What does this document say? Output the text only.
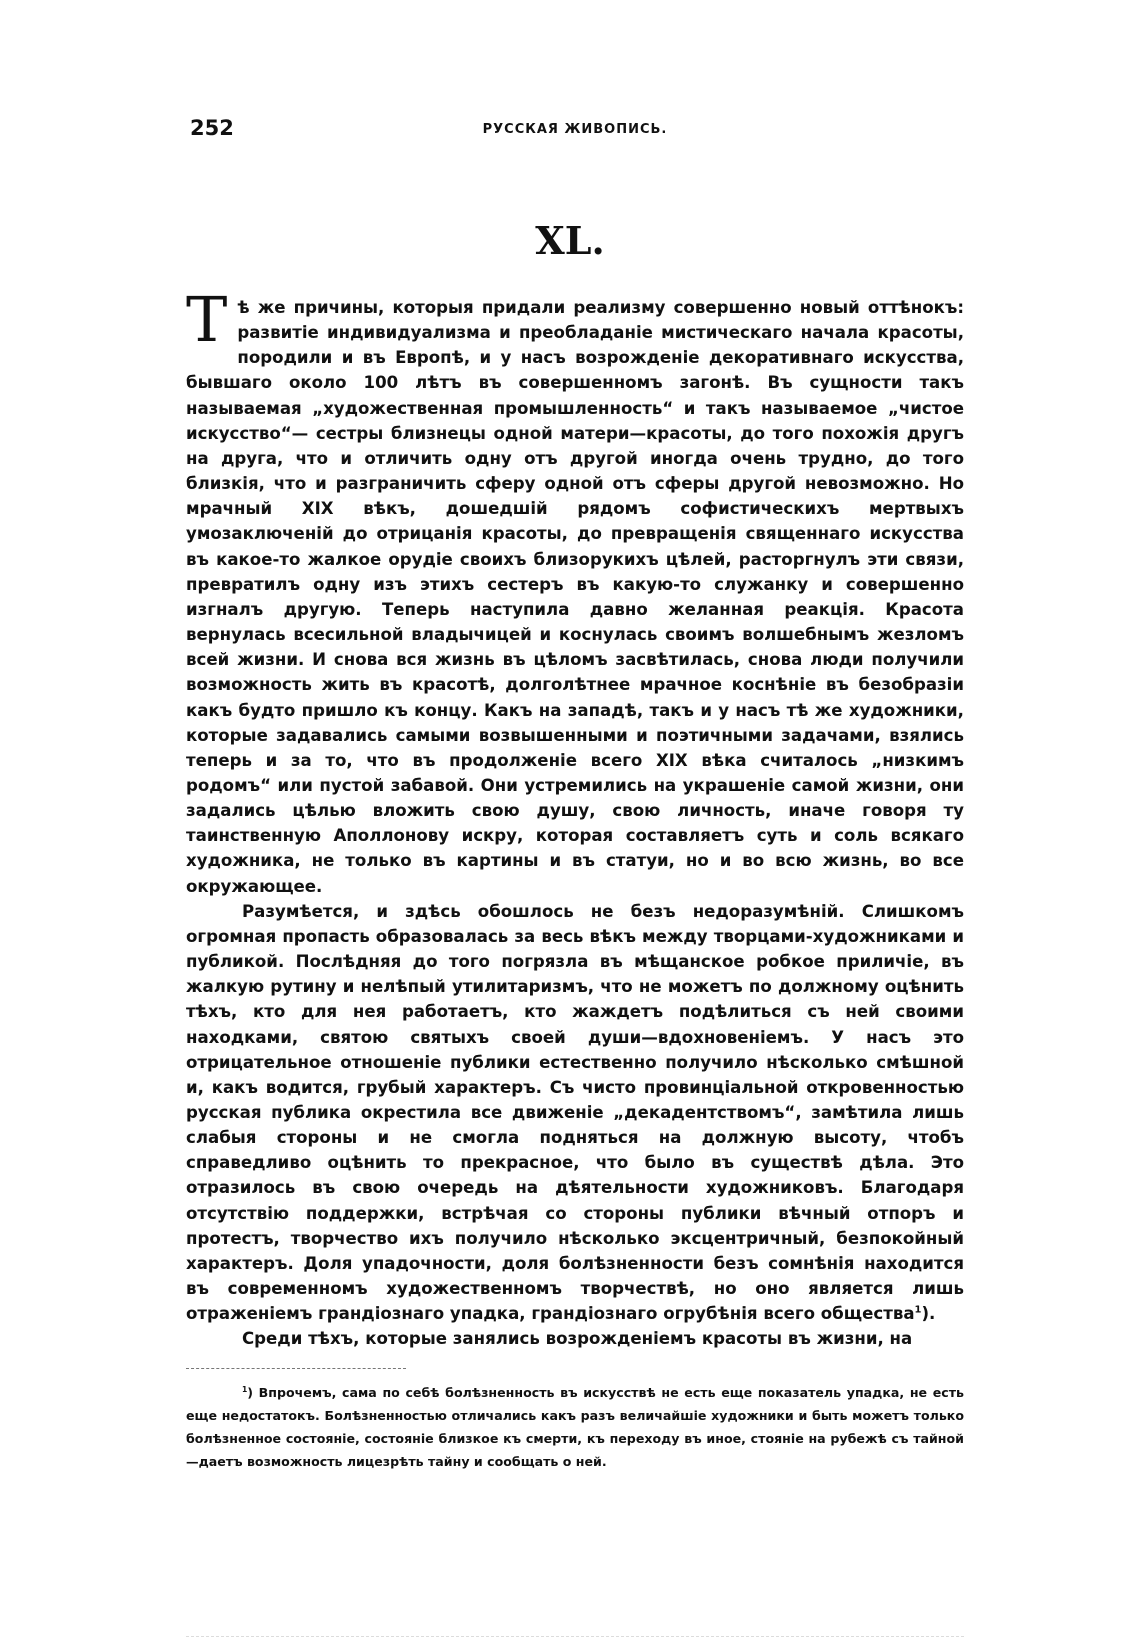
252	РУССКАЯ ЖИВОПИСЬ.
XL.

Тѣ же причины, которыя придали реализму совершенно новый оттѣнокъ: развитіе индивидуализма и преобладаніе мистическаго начала красоты, породили и въ Европѣ, и у насъ возрожденіе декоративнаго искусства, бывшаго около 100 лѣтъ въ совершенномъ загонѣ. Въ сущности такъ называемая „художественная промышленность“ и такъ называемое „чистое искусство“— сестры близнецы одной матери—красоты, до того похожія другъ на друга, что и отличить одну отъ другой иногда очень трудно, до того близкія, что и разграничить сферу одной отъ сферы другой невозможно. Но мрачный XIX вѣкъ, дошедшій рядомъ софистическихъ мертвыхъ умозаключеній до отрицанія красоты, до превращенія священнаго искусства въ какое-то жалкое орудіе своихъ близорукихъ цѣлей, расторгнулъ эти связи, превратилъ одну изъ этихъ сестеръ въ какую-то служанку и совершенно изгналъ другую. Теперь наступила давно желанная реакція. Красота вернулась всесильной владычицей и коснулась своимъ волшебнымъ жезломъ всей жизни. И снова вся жизнь въ цѣломъ засвѣтилась, снова люди получили возможность жить въ красотѣ, долголѣтнее мрачное коснѣніе въ безобразіи какъ будто пришло къ концу. Какъ на западѣ, такъ и у насъ тѣ же художники, которые задавались самыми возвышенными и поэтичными задачами, взялись теперь и за то, что въ продолженіе всего XIX вѣка считалось „низкимъ родомъ“ или пустой забавой. Они устремились на украшеніе самой жизни, они задались цѣлью вложить свою душу, свою личность, иначе говоря ту таинственную Аполлонову искру, которая составляетъ суть и соль всякаго художника, не только въ картины и въ статуи, но и во всю жизнь, во все окружающее.

Разумѣется, и здѣсь обошлось не безъ недоразумѣній. Слишкомъ огромная пропасть образовалась за весь вѣкъ между творцами-художниками и публикой. Послѣдняя до того погрязла въ мѣщанское робкое приличіе, въ жалкую рутину и нелѣпый утилитаризмъ, что не можетъ по должному оцѣнить тѣхъ, кто для нея работаетъ, кто жаждетъ подѣлиться съ ней своими находками, святою святыхъ своей души—вдохновеніемъ. У насъ это отрицательное отношеніе публики естественно получило нѣсколько смѣшной и, какъ водится, грубый характеръ. Съ чисто провинціальной откровенностью русская публика окрестила все движеніе „декадентствомъ“, замѣтила лишь слабыя стороны и не смогла подняться на должную высоту, чтобъ справедливо оцѣнить то прекрасное, что было въ существѣ дѣла. Это отразилось въ свою очередь на дѣятельности художниковъ. Благодаря отсутствію поддержки, встрѣчая со стороны публики вѣчный отпоръ и протестъ, творчество ихъ получило нѣсколько эксцентричный, безпокойный характеръ. Доля упадочности, доля болѣзненности безъ сомнѣнія находится въ современномъ художественномъ творчествѣ, но оно является лишь отраженіемъ грандіознаго упадка, грандіознаго огрубѣнія всего общества$^1$).

Среди тѣхъ, которые занялись возрожденіемъ красоты въ жизни, на

$^1$) Впрочемъ, сама по себѣ болѣзненность въ искусствѣ не есть еще показатель упадка, не есть еще недостатокъ. Болѣзненностью отличались какъ разъ величайшіе художники и быть можетъ только болѣзненное состояніе, состояніе близкое къ смерти, къ переходу въ иное, стояніе на рубежѣ съ тайной—даетъ возможность лицезрѣть тайну и сообщать о ней.
